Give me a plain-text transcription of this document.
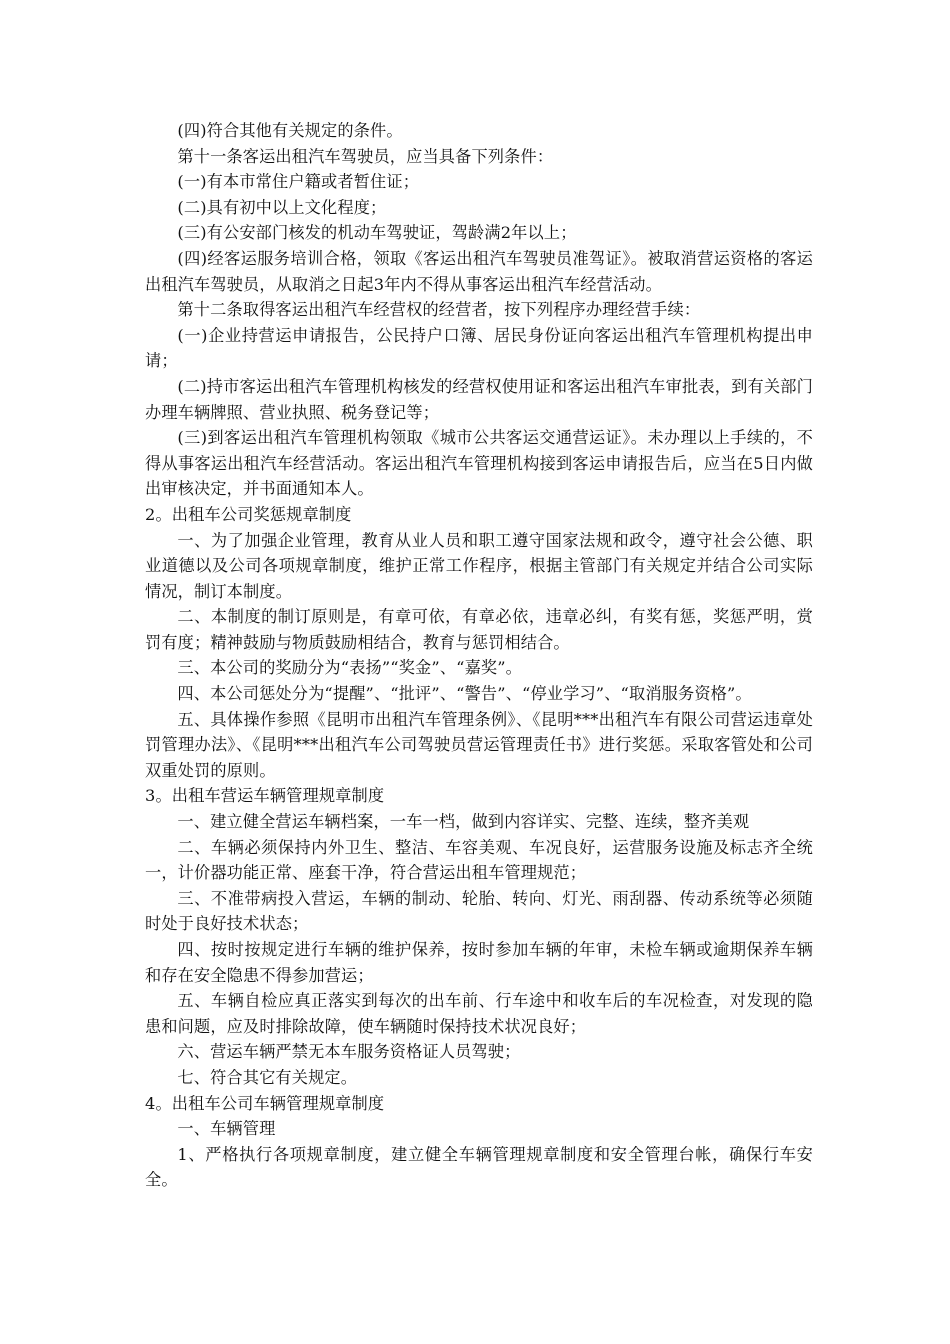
(四)符合其他有关规定的条件。

第十一条客运出租汽车驾驶员，应当具备下列条件：

(一)有本市常住户籍或者暂住证；

(二)具有初中以上文化程度；

(三)有公安部门核发的机动车驾驶证，驾龄满2年以上；

(四)经客运服务培训合格，领取《客运出租汽车驾驶员准驾证》。被取消营运资格的客运出租汽车驾驶员，从取消之日起3年内不得从事客运出租汽车经营活动。

第十二条取得客运出租汽车经营权的经营者，按下列程序办理经营手续：

(一)企业持营运申请报告，公民持户口簿、居民身份证向客运出租汽车管理机构提出申请；

(二)持市客运出租汽车管理机构核发的经营权使用证和客运出租汽车审批表，到有关部门办理车辆牌照、营业执照、税务登记等；

(三)到客运出租汽车管理机构领取《城市公共客运交通营运证》。未办理以上手续的，不得从事客运出租汽车经营活动。客运出租汽车管理机构接到客运申请报告后，应当在5日内做出审核决定，并书面通知本人。

2。出租车公司奖惩规章制度

一、为了加强企业管理，教育从业人员和职工遵守国家法规和政令，遵守社会公德、职业道德以及公司各项规章制度，维护正常工作程序，根据主管部门有关规定并结合公司实际情况，制订本制度。

二、本制度的制订原则是，有章可依，有章必依，违章必纠，有奖有惩，奖惩严明，赏罚有度；精神鼓励与物质鼓励相结合，教育与惩罚相结合。

三、本公司的奖励分为“表扬”“奖金”、“嘉奖”。

四、本公司惩处分为“提醒”、“批评”、“警告”、“停业学习”、“取消服务资格”。

五、具体操作参照《昆明市出租汽车管理条例》、《昆明***出租汽车有限公司营运违章处罚管理办法》、《昆明***出租汽车公司驾驶员营运管理责任书》进行奖惩。采取客管处和公司双重处罚的原则。

3。出租车营运车辆管理规章制度

一、建立健全营运车辆档案，一车一档，做到内容详实、完整、连续，整齐美观

二、车辆必须保持内外卫生、整洁、车容美观、车况良好，运营服务设施及标志齐全统一，计价器功能正常、座套干净，符合营运出租车管理规范；

三、不准带病投入营运，车辆的制动、轮胎、转向、灯光、雨刮器、传动系统等必须随时处于良好技术状态；

四、按时按规定进行车辆的维护保养，按时参加车辆的年审，未检车辆或逾期保养车辆和存在安全隐患不得参加营运；

五、车辆自检应真正落实到每次的出车前、行车途中和收车后的车况检查，对发现的隐患和问题，应及时排除故障，使车辆随时保持技术状况良好；

六、营运车辆严禁无本车服务资格证人员驾驶；

七、符合其它有关规定。

4。出租车公司车辆管理规章制度

一、车辆管理

1、严格执行各项规章制度，建立健全车辆管理规章制度和安全管理台帐，确保行车安全。
